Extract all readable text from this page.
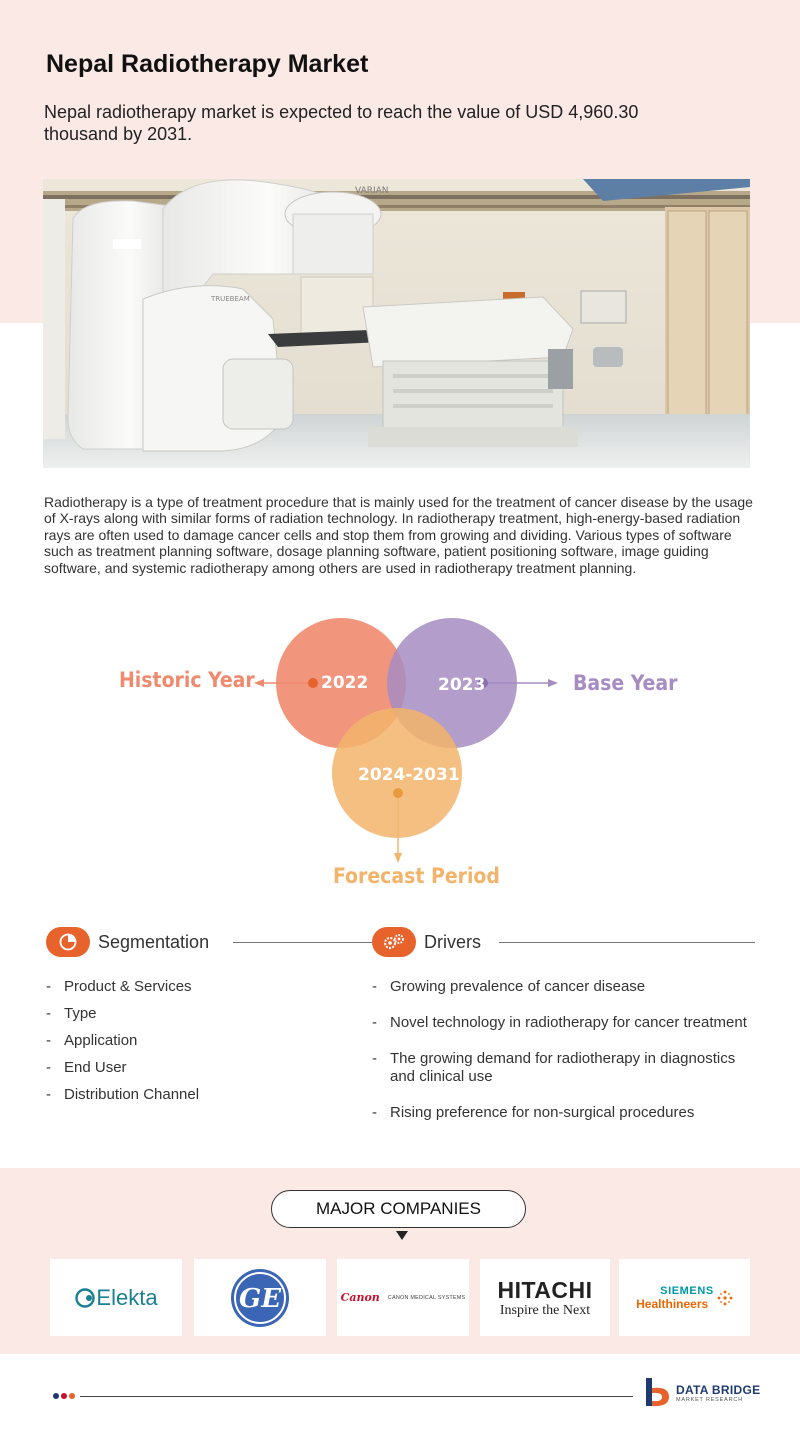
Nepal Radiotherapy Market

Nepal radiotherapy market is expected to reach the value of USD 4,960.30 thousand by 2031.

VARIAN
TRUEBEAM

Radiotherapy is a type of treatment procedure that is mainly used for the treatment of cancer disease by the usage of X-rays along with similar forms of radiation technology. In radiotherapy treatment, high-energy-based radiation rays are often used to damage cancer cells and stop them from growing and dividing. Various types of software such as treatment planning software, dosage planning software, patient positioning software, image guiding software, and systemic radiotherapy among others are used in radiotherapy treatment planning.

2022	2023
2024-2031
Historic Year	Base Year
Forecast Period
Segmentation
- Product & Services
- Type
- Application
- End User
- Distribution Channel
Drivers
- Growing prevalence of cancer disease
- Novel technology in radiotherapy for cancer treatment
- The growing demand for radiotherapy in diagnostics and clinical use
- Rising preference for non-surgical procedures
MAJOR COMPANIES
Elekta	GE	Canon CANON MEDICAL SYSTEMS HITACHI
Inspire the Next
SIEMENS
Healthineers
DATA BRIDGE
MARKET RESEARCH
